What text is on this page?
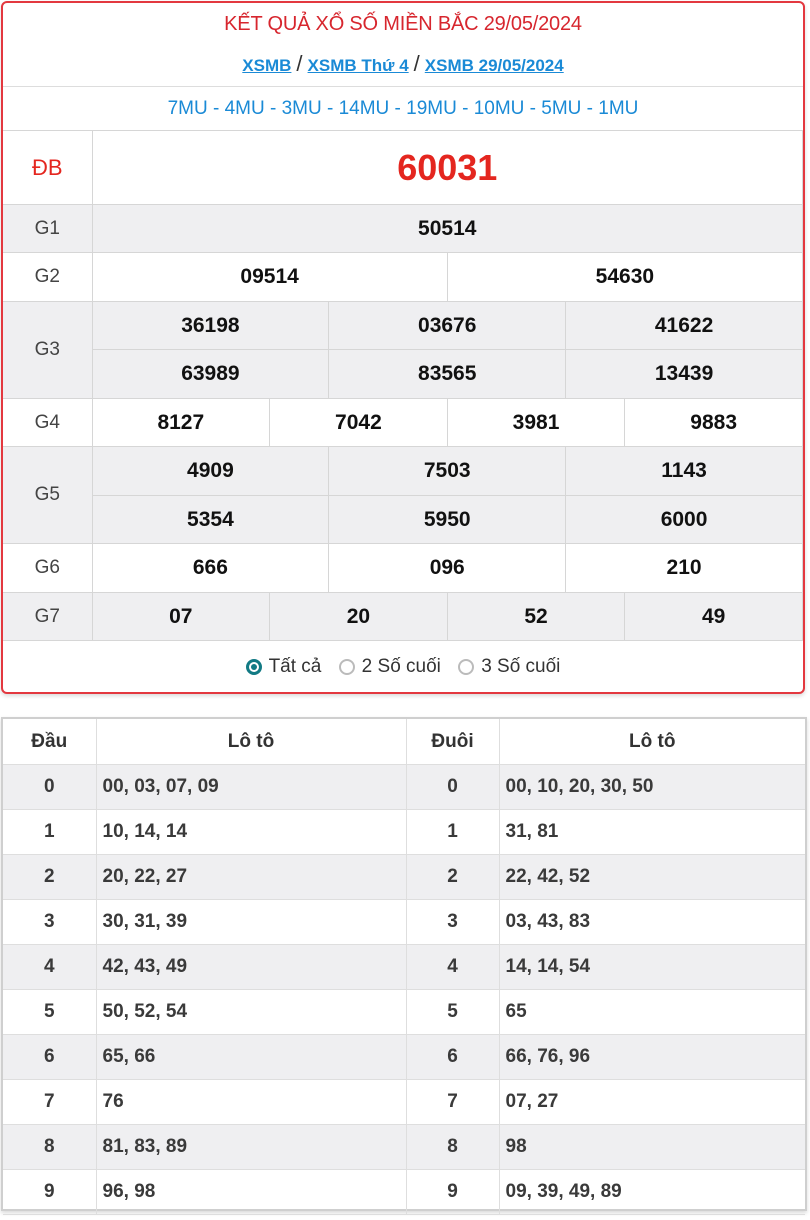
KẾT QUẢ XỔ SỐ MIỀN BẮC 29/05/2024
XSMB / XSMB Thứ 4 / XSMB 29/05/2024
7MU - 4MU - 3MU - 14MU - 19MU - 10MU - 5MU - 1MU
ĐB	60031					
G1	50514					
G2	09514			54630		
G3	36198		03676		41622	
	63989		83565		13439	
G4	8127	7042		3981		9883
G5	4909		7503		1143	
	5354		5950		6000	
G6	666		096		210	
G7	07	20		52		49
Tất cả
2 Số cuối
3 Số cuối
Đầu	Lô tô	Đuôi	Lô tô
0	00, 03, 07, 09	0	00, 10, 20, 30, 50
1	10, 14, 14	1	31, 81
2	20, 22, 27	2	22, 42, 52
3	30, 31, 39	3	03, 43, 83
4	42, 43, 49	4	14, 14, 54
5	50, 52, 54	5	65
6	65, 66	6	66, 76, 96
7	76	7	07, 27
8	81, 83, 89	8	98
9	96, 98	9	09, 39, 49, 89
